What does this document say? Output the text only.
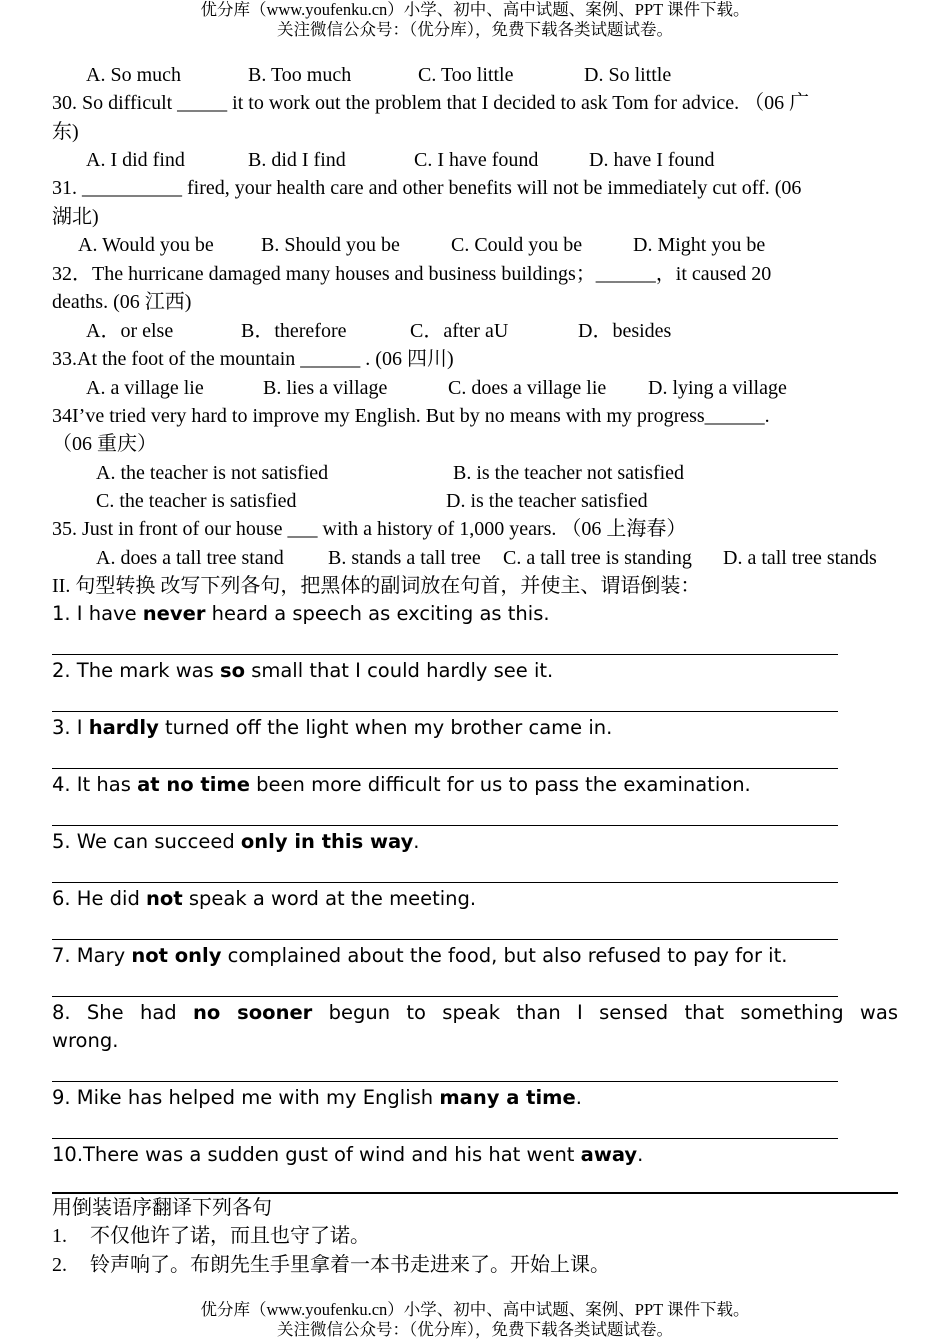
优分库（www.youfenku.cn）小学、初中、高中试题、案例、PPT 课件下载。
关注微信公众号：（优分库），免费下载各类试题试卷。
A. So much	B. Too much	C. Too little	D. So little
30. So difficult _____ it to work out the problem that I decided to ask Tom for advice. （06 广
东)
A. I did find	B. did I find	C. I have found	D. have I found
31. __________ fired, your health care and other benefits will not be immediately cut off. (06
湖北)
A. Would you be B. Should you be	C. Could you be	D. Might you be
32．The hurricane damaged many houses and business buildings；______，it caused 20
deaths. (06 江西)
A．or else	B．therefore	C．after aU	D．besides
33.At the foot of the mountain ______ . (06 四川)
A. a village lie	B. lies a village	C. does a village lie D. lying a village
34I’ve tried very hard to improve my English. But by no means with my progress______.
（06 重庆）
A. the teacher is not satisfied	B. is the teacher not satisfied
C. the teacher is satisfied	D. is the teacher satisfied
35. Just in front of our house ___ with a history of 1,000 years. （06 上海春）
A. does a tall tree stand B. stands a tall tree C. a tall tree is standing D. a tall tree stands
II. 句型转换 改写下列各句，把黑体的副词放在句首，并使主、谓语倒装：
1. I have never heard a speech as exciting as this.
2. The mark was so small that I could hardly see it.
3. I hardly turned off the light when my brother came in.
4. It has at no time been more difficult for us to pass the examination.
5. We can succeed only in this way.
6. He did not speak a word at the meeting.
7. Mary not only complained about the food, but also refused to pay for it.
8. She had no sooner begun to speak than I sensed that something was
wrong.
9. Mike has helped me with my English many a time.
10.There was a sudden gust of wind and his hat went away.
用倒装语序翻译下列各句
1. 不仅他许了诺，而且也守了诺。
2. 铃声响了。布朗先生手里拿着一本书走进来了。开始上课。
优分库（www.youfenku.cn）小学、初中、高中试题、案例、PPT 课件下载。
关注微信公众号：（优分库），免费下载各类试题试卷。
